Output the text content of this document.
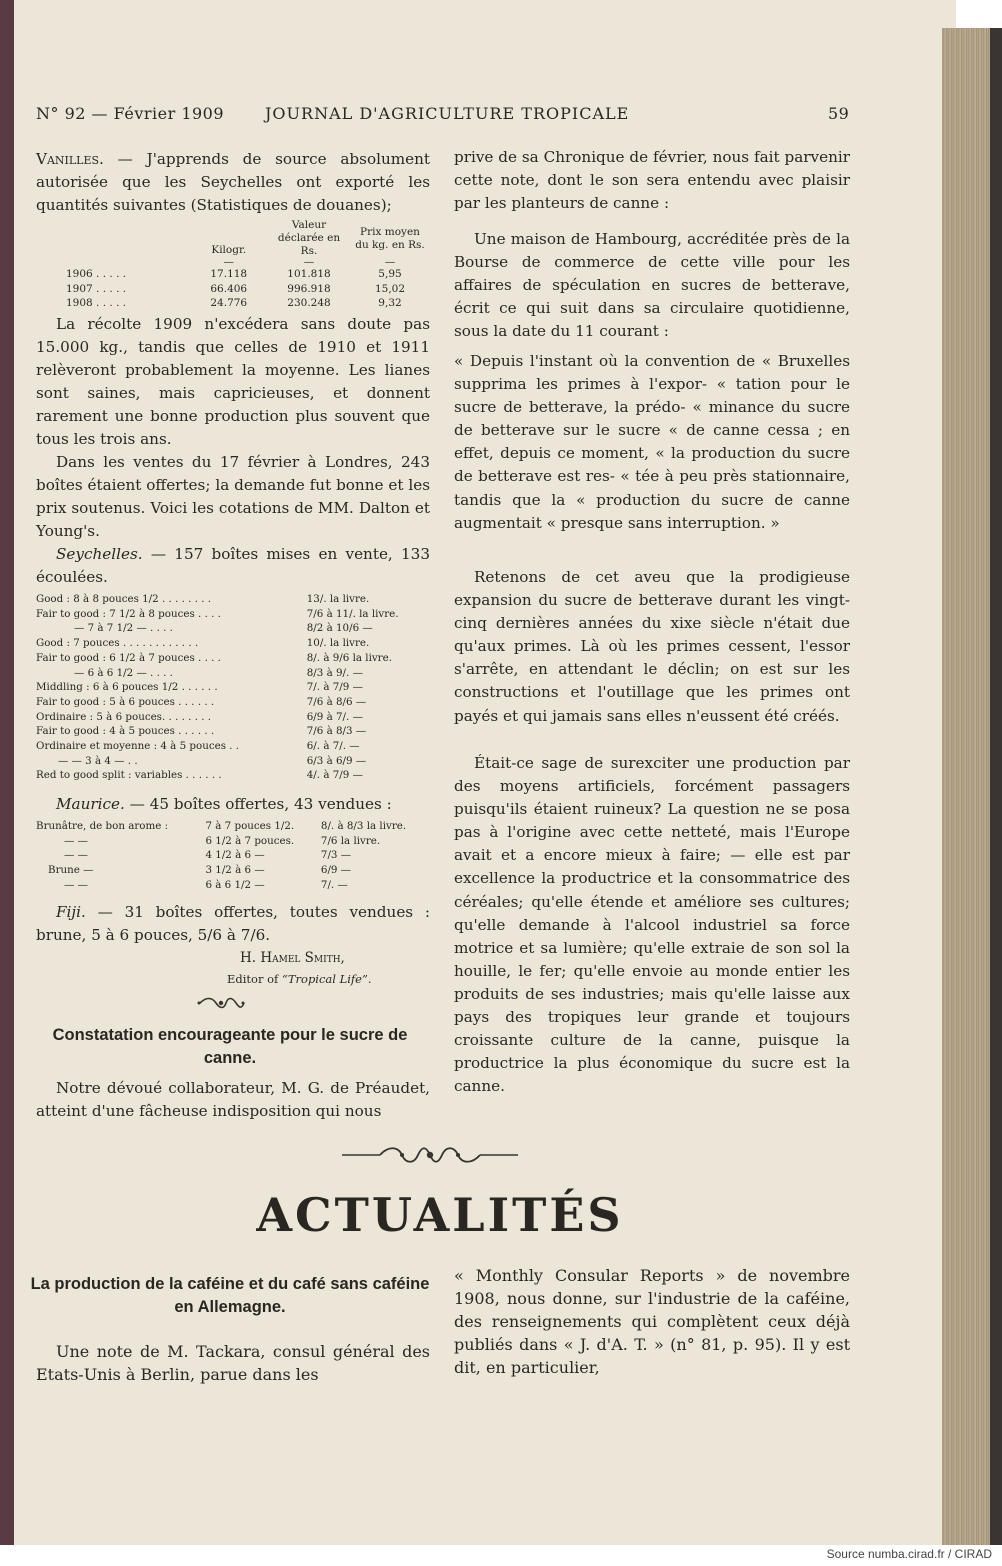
N° 92 — Février 1909	JOURNAL D'AGRICULTURE TROPICALE	59

Vanilles. — J'apprends de source absolument autorisée que les Seychelles ont exporté les quantités suivantes (Statistiques de douanes);

	Kilogr.	Valeur déclarée en Rs.	Prix moyen du kg. en Rs.
	—	—	—
1906 . . . . .	17.118	101.818	5,95
1907 . . . . .	66.406	996.918	15,02
1908 . . . . .	24.776	230.248	9,32

La récolte 1909 n'excédera sans doute pas 15.000 kg., tandis que celles de 1910 et 1911 relèveront probablement la moyenne. Les lianes sont saines, mais capricieuses, et donnent rarement une bonne production plus souvent que tous les trois ans.

Dans les ventes du 17 février à Londres, 243 boîtes étaient offertes; la demande fut bonne et les prix soutenus. Voici les cotations de MM. Dalton et Young's.

Seychelles. — 157 boîtes mises en vente, 133 écoulées.

Good : 8 à 8 pouces 1/2 . . . . . . . .	13/. la livre.
Fair to good : 7 1/2 à 8 pouces . . . .	7/6 à 11/. la livre.
— 7 à 7 1/2 — . . . .	8/2 à 10/6 —
Good : 7 pouces . . . . . . . . . . . .	10/. la livre.
Fair to good : 6 1/2 à 7 pouces . . . .	8/. à 9/6 la livre.
— 6 à 6 1/2 — . . . .	8/3 à 9/. —
Middling : 6 à 6 pouces 1/2 . . . . . .	7/. à 7/9 —
Fair to good : 5 à 6 pouces . . . . . .	7/6 à 8/6 —
Ordinaire : 5 à 6 pouces. . . . . . . .	6/9 à 7/. —
Fair to good : 4 à 5 pouces . . . . . .	7/6 à 8/3 —
Ordinaire et moyenne : 4 à 5 pouces . .	6/. à 7/. —
— — 3 à 4 — . .	6/3 à 6/9 —
Red to good split : variables . . . . . .	4/. à 7/9 —

Maurice. — 45 boîtes offertes, 43 vendues :

Brunâtre, de bon arome :	7 à 7 pouces 1/2.	8/. à 8/3 la livre.
— —	6 1/2 à 7 pouces.	7/6 la livre.
— —	4 1/2 à 6 —	7/3 —
Brune —	3 1/2 à 6 —	6/9 —
— —	6 à 6 1/2 —	7/. —

Fiji. — 31 boîtes offertes, toutes vendues : brune, 5 à 6 pouces, 5/6 à 7/6.

H. Hamel Smith,
Editor of “Tropical Life”.
Constatation encourageante pour le sucre de canne.

Notre dévoué collaborateur, M. G. de Préaudet, atteint d'une fâcheuse indisposition qui nous

prive de sa Chronique de février, nous fait parvenir cette note, dont le son sera entendu avec plaisir par les planteurs de canne :

Une maison de Hambourg, accréditée près de la Bourse de commerce de cette ville pour les affaires de spéculation en sucres de betterave, écrit ce qui suit dans sa circulaire quotidienne, sous la date du 11 courant :

« Depuis l'instant où la convention de « Bruxelles supprima les primes à l'expor- « tation pour le sucre de betterave, la prédo- « minance du sucre de betterave sur le sucre « de canne cessa ; en effet, depuis ce moment, « la production du sucre de betterave est res- « tée à peu près stationnaire, tandis que la « production du sucre de canne augmentait « presque sans interruption. »

Retenons de cet aveu que la prodigieuse expansion du sucre de betterave durant les vingt-cinq dernières années du xixe siècle n'était due qu'aux primes. Là où les primes cessent, l'essor s'arrête, en attendant le déclin; on est sur les constructions et l'outillage que les primes ont payés et qui jamais sans elles n'eussent été créés.

Était-ce sage de surexciter une production par des moyens artificiels, forcément passagers puisqu'ils étaient ruineux? La question ne se posa pas à l'origine avec cette netteté, mais l'Europe avait et a encore mieux à faire; — elle est par excellence la productrice et la consommatrice des céréales; qu'elle étende et améliore ses cultures; qu'elle demande à l'alcool industriel sa force motrice et sa lumière; qu'elle extraie de son sol la houille, le fer; qu'elle envoie au monde entier les produits de ses industries; mais qu'elle laisse aux pays des tropiques leur grande et toujours croissante culture de la canne, puisque la productrice la plus économique du sucre est la canne.

ACTUALITÉS
La production de la caféine et du café sans caféine en Allemagne.

Une note de M. Tackara, consul général des Etats-Unis à Berlin, parue dans les

« Monthly Consular Reports » de novembre 1908, nous donne, sur l'industrie de la caféine, des renseignements qui complètent ceux déjà publiés dans « J. d'A. T. » (n° 81, p. 95). Il y est dit, en particulier,

Source numba.cirad.fr / CIRAD
